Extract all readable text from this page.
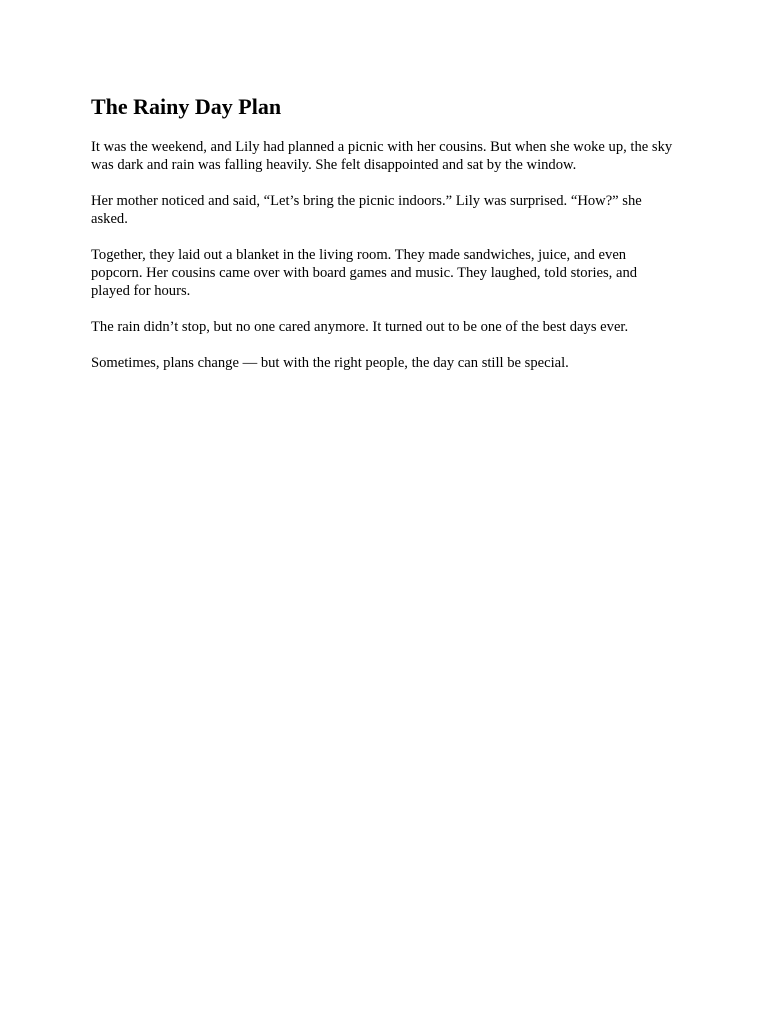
The Rainy Day Plan

It was the weekend, and Lily had planned a picnic with her cousins. But when she woke up, the sky was dark and rain was falling heavily. She felt disappointed and sat by the window.

Her mother noticed and said, “Let’s bring the picnic indoors.” Lily was surprised. “How?” she asked.

Together, they laid out a blanket in the living room. They made sandwiches, juice, and even popcorn. Her cousins came over with board games and music. They laughed, told stories, and played for hours.

The rain didn’t stop, but no one cared anymore. It turned out to be one of the best days ever.

Sometimes, plans change — but with the right people, the day can still be special.
